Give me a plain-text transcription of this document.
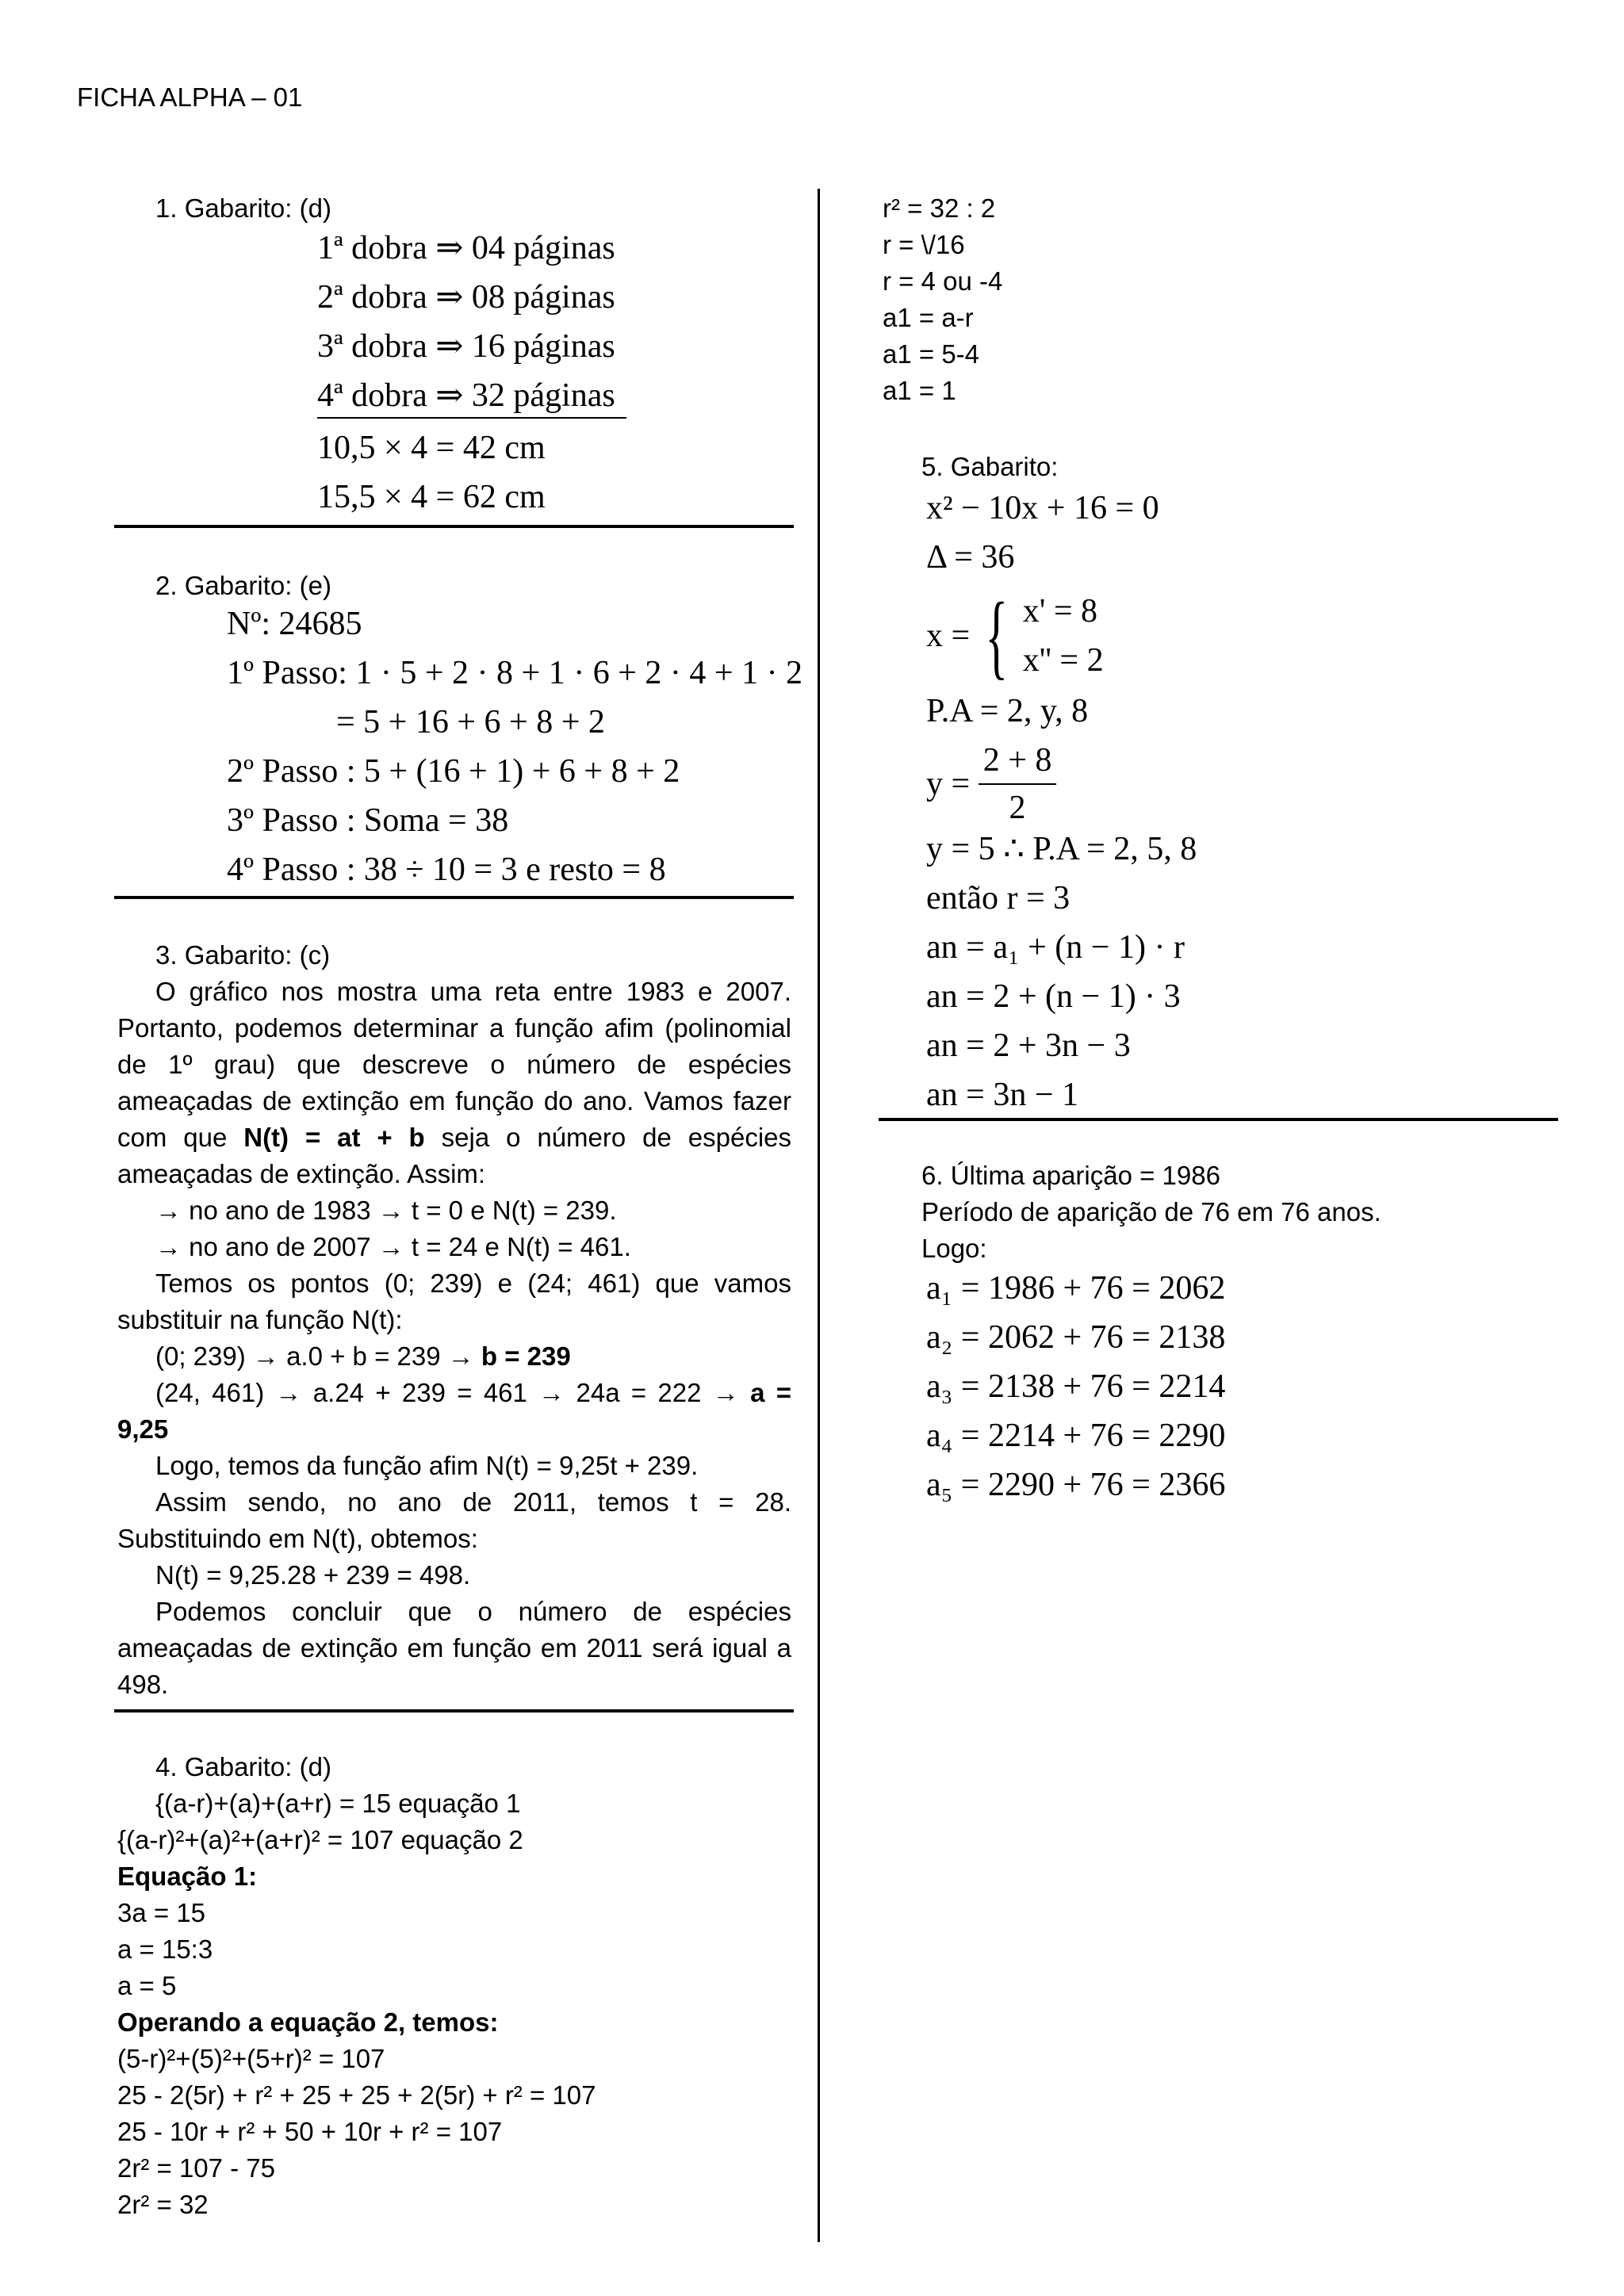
FICHA ALPHA – 01
1. Gabarito: (d)
1ª dobra ⇒ 04 páginas
2ª dobra ⇒ 08 páginas
3ª dobra ⇒ 16 páginas
4ª dobra ⇒ 32 páginas
10,5 × 4 = 42 cm
15,5 × 4 = 62 cm
2. Gabarito: (e)
Nº: 24685
1º Passo: 1 · 5 + 2 · 8 + 1 · 6 + 2 · 4 + 1 · 2
= 5 + 16 + 6 + 8 + 2
2º Passo : 5 + (16 + 1) + 6 + 8 + 2
3º Passo : Soma = 38
4º Passo : 38 ÷ 10 = 3 e resto = 8
3. Gabarito: (c)
O gráfico nos mostra uma reta entre 1983 e 2007. Portanto, podemos determinar a função afim (polinomial de 1º grau) que descreve o número de espécies ameaçadas de extinção em função do ano. Vamos fazer com que N(t) = at + b seja o número de espécies ameaçadas de extinção. Assim:
→ no ano de 1983 → t = 0 e N(t) = 239.
→ no ano de 2007 → t = 24 e N(t) = 461.
Temos os pontos (0; 239) e (24; 461) que vamos substituir na função N(t):
(0; 239) → a.0 + b = 239 → b = 239
(24, 461) → a.24 + 239 = 461 → 24a = 222 → a = 9,25
Logo, temos da função afim N(t) = 9,25t + 239.
Assim sendo, no ano de 2011, temos t = 28. Substituindo em N(t), obtemos:
N(t) = 9,25.28 + 239 = 498.
Podemos concluir que o número de espécies ameaçadas de extinção em função em 2011 será igual a 498.
4. Gabarito: (d)
{(a-r)+(a)+(a+r) = 15 equação 1
{(a-r)²+(a)²+(a+r)² = 107 equação 2
Equação 1:
3a = 15
a = 15:3
a = 5
Operando a equação 2, temos:
(5-r)²+(5)²+(5+r)² = 107
25 - 2(5r) + r² + 25 + 25 + 2(5r) + r² = 107
25 - 10r + r² + 50 + 10r + r² = 107
2r² = 107 - 75
2r² = 32
r² = 32 : 2
r = \/16
r = 4 ou -4
a1 = a-r
a1 = 5-4
a1 = 1
5. Gabarito:
x² − 10x + 16 = 0
Δ = 36
x = { x' = 8
x'' = 2
P.A = 2, y, 8
$y = \frac{2 + 8}{2}$
y = 5 ∴ P.A = 2, 5, 8
então r = 3
an = a₁ + (n − 1) · r
an = 2 + (n − 1) · 3
an = 2 + 3n − 3
an = 3n − 1
6. Última aparição = 1986
Período de aparição de 76 em 76 anos.
Logo:
a₁ = 1986 + 76 = 2062
a₂ = 2062 + 76 = 2138
a₃ = 2138 + 76 = 2214
a₄ = 2214 + 76 = 2290
a₅ = 2290 + 76 = 2366
